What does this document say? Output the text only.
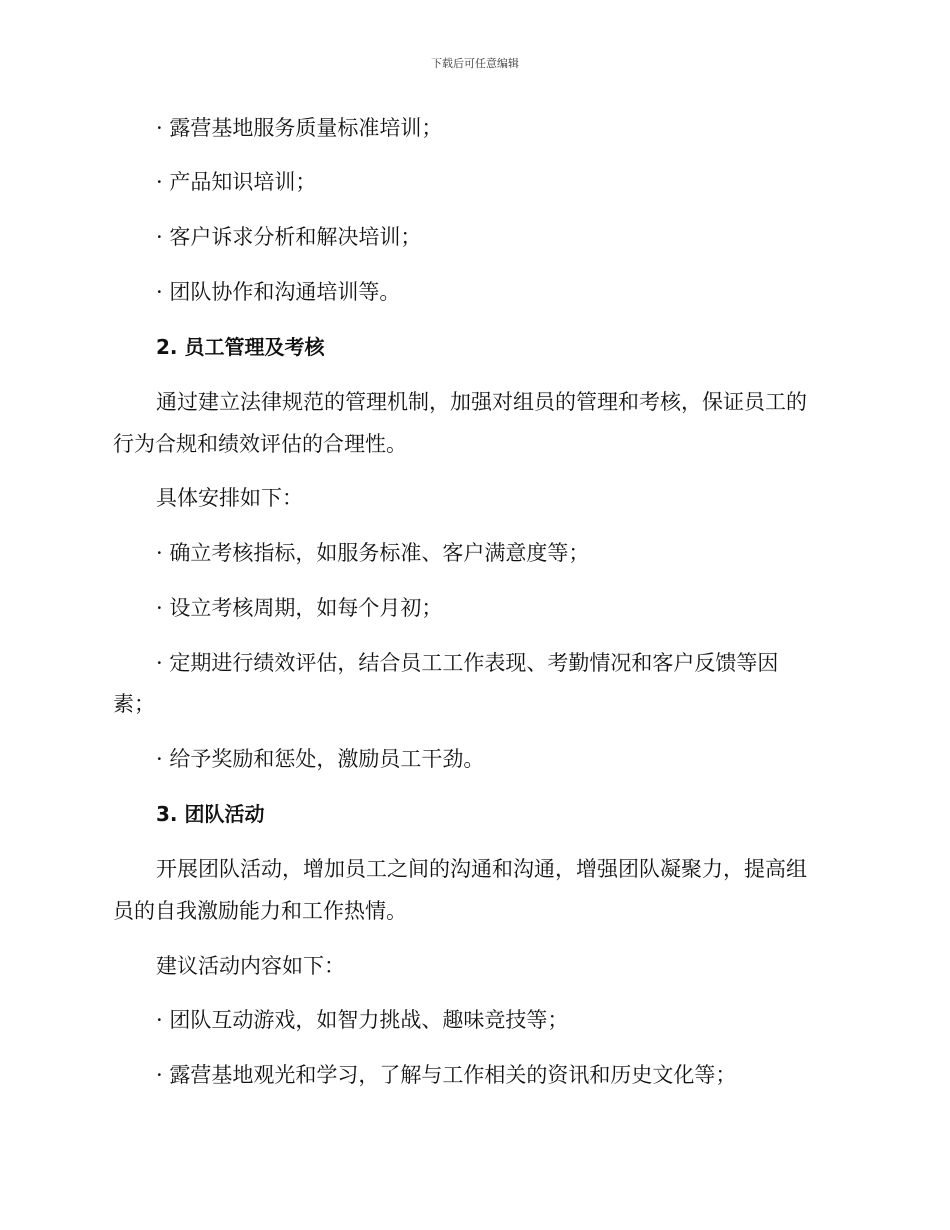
下载后可任意编辑
· 露营基地服务质量标准培训；
· 产品知识培训；
· 客户诉求分析和解决培训；
· 团队协作和沟通培训等。
2. 员工管理及考核
通过建立法律规范的管理机制，加强对组员的管理和考核，保证员工的
行为合规和绩效评估的合理性。
具体安排如下：
· 确立考核指标，如服务标准、客户满意度等；
· 设立考核周期，如每个月初；
· 定期进行绩效评估，结合员工工作表现、考勤情况和客户反馈等因
素；
· 给予奖励和惩处，激励员工干劲。
3. 团队活动
开展团队活动，增加员工之间的沟通和沟通，增强团队凝聚力，提高组
员的自我激励能力和工作热情。
建议活动内容如下：
· 团队互动游戏，如智力挑战、趣味竞技等；
· 露营基地观光和学习，了解与工作相关的资讯和历史文化等；
